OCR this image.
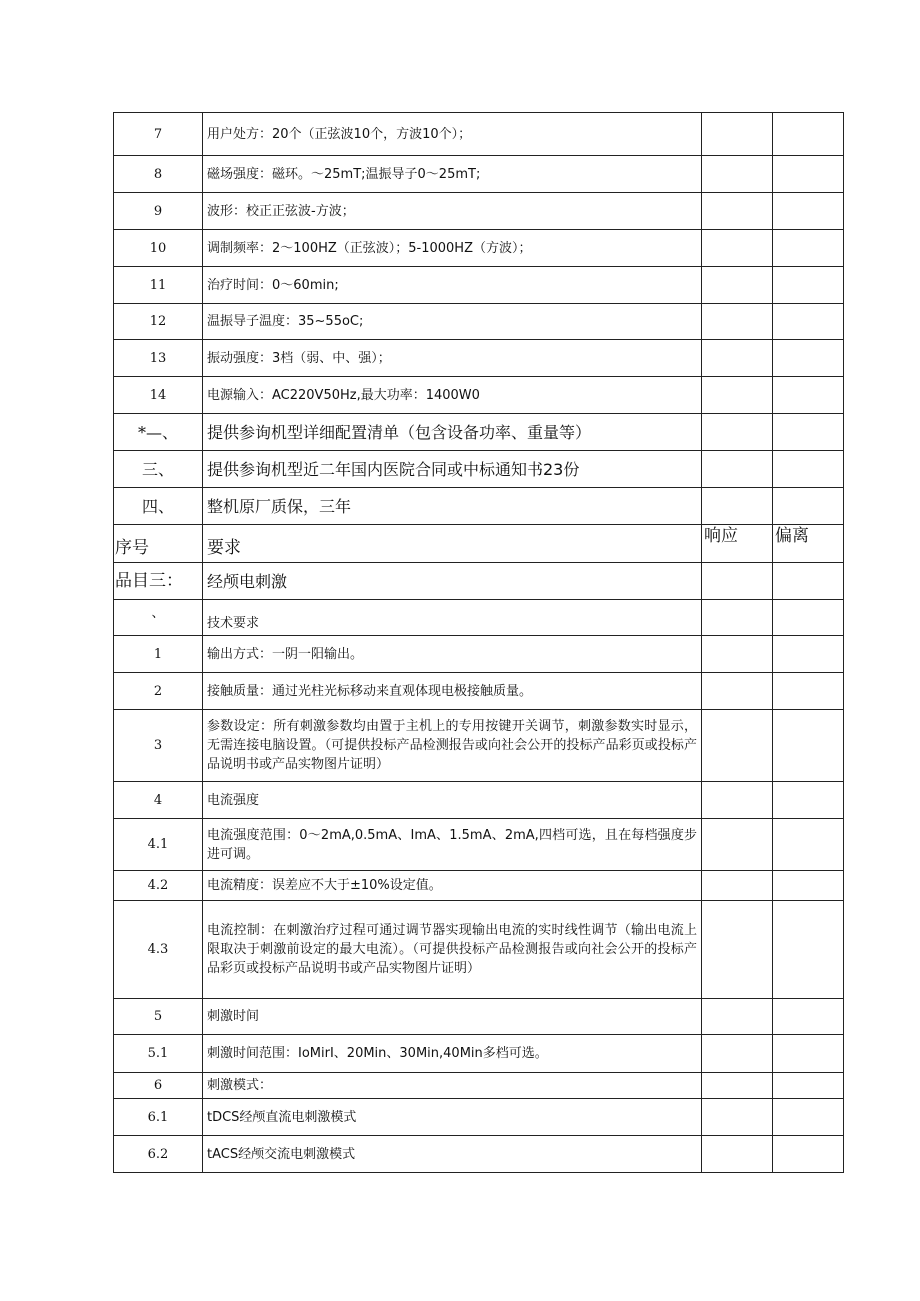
7	用户处方：20个（正弦波10个，方波10个）；		
8	磁场强度：磁环。〜25mT;温振导子0〜25mT;		
9	波形：校正正弦波-方波；		
10	调制频率：2〜100HZ（正弦波）；5-1000HZ（方波）；		
11	治疗时间：0〜60min;		
12	温振导子温度：35~55oC;		
13	振动强度：3档（弱、中、强）；		
14	电源输入：AC220V50Hz,最大功率：1400W0		
*—、	提供参询机型详细配置清单（包含设备功率、重量等）		
三、	提供参询机型近二年国内医院合同或中标通知书23份		
四、	整机原厂质保，三年		
序号	要求	响应	偏离
品目三：	经颅电刺激		
、	技术要求		
1	输出方式：一阴一阳输出。		
2	接触质量：通过光柱光标移动来直观体现电极接触质量。		
3	参数设定：所有刺激参数均由置于主机上的专用按键开关调节，刺激参数实时显示，无需连接电脑设置。（可提供投标产品检测报告或向社会公开的投标产品彩页或投标产品说明书或产品实物图片证明）		
4	电流强度		
4.1	电流强度范围：0〜2mA,0.5mA、ImA、1.5mA、2mA,四档可选，且在每档强度步进可调。		
4.2	电流精度：误差应不大于±10%设定值。		
4.3	电流控制：在刺激治疗过程可通过调节器实现输出电流的实时线性调节（输出电流上限取决于刺激前设定的最大电流）。（可提供投标产品检测报告或向社会公开的投标产品彩页或投标产品说明书或产品实物图片证明）		
5	刺激时间		
5.1	刺激时间范围：IoMirI、20Min、30Min,40Min多档可选。		
6	刺激模式：		
6.1	tDCS经颅直流电刺激模式		
6.2	tACS经颅交流电刺激模式		
